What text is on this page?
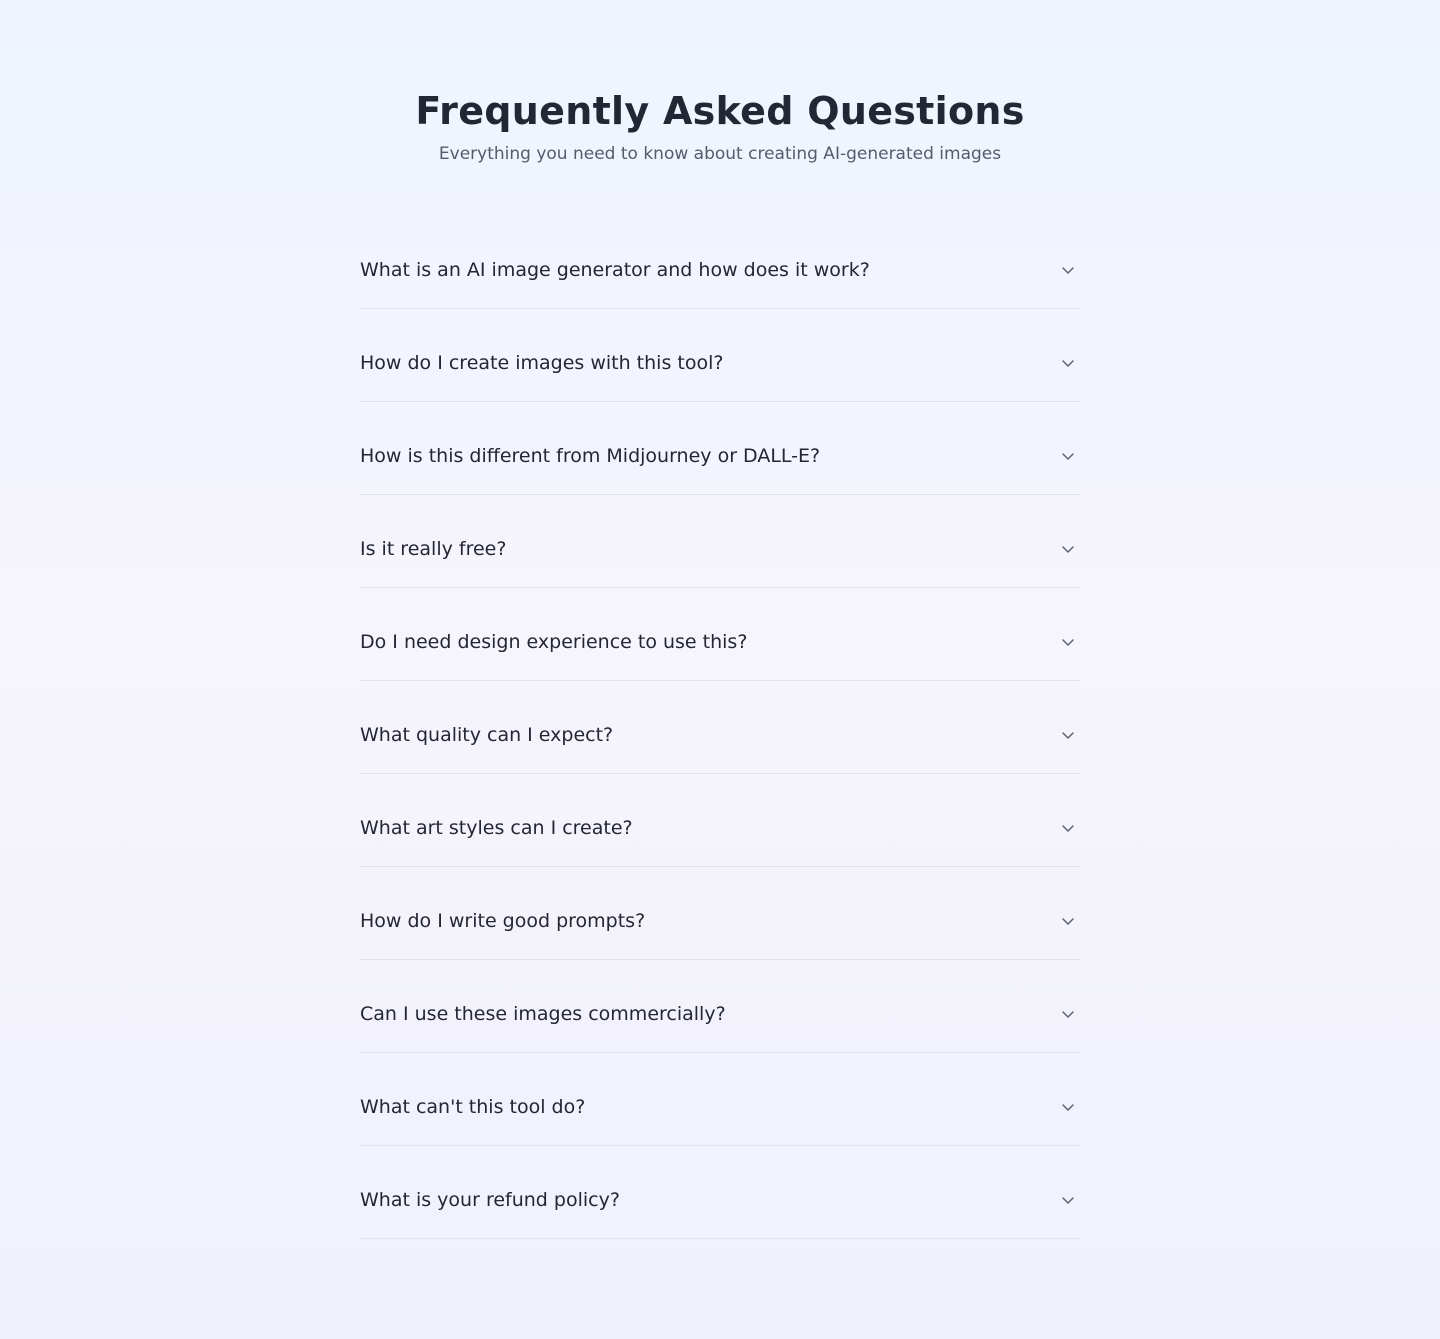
Frequently Asked Questions

Everything you need to know about creating AI-generated images

What is an AI image generator and how does it work?
How do I create images with this tool?
How is this different from Midjourney or DALL-E?
Is it really free?
Do I need design experience to use this?
What quality can I expect?
What art styles can I create?
How do I write good prompts?
Can I use these images commercially?
What can't this tool do?
What is your refund policy?
